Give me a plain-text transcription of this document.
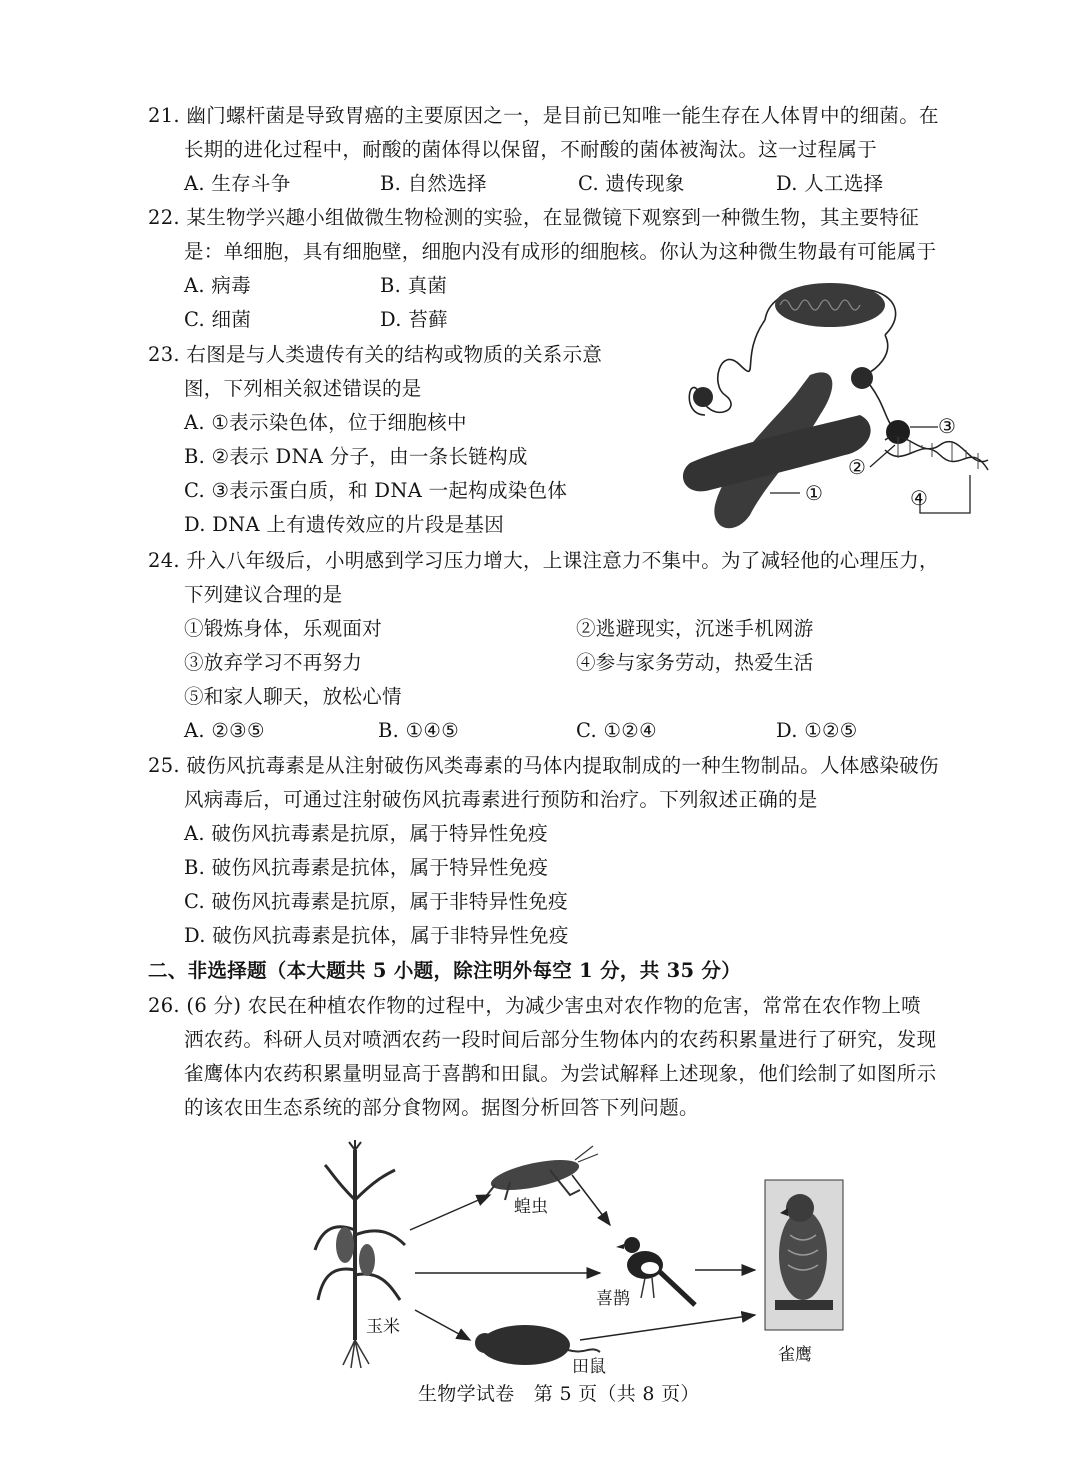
21. 幽门螺杆菌是导致胃癌的主要原因之一，是目前已知唯一能生存在人体胃中的细菌。在
长期的进化过程中，耐酸的菌体得以保留，不耐酸的菌体被淘汰。这一过程属于
A. 生存斗争	B. 自然选择	C. 遗传现象	D. 人工选择
22. 某生物学兴趣小组做微生物检测的实验，在显微镜下观察到一种微生物，其主要特征
是：单细胞，具有细胞壁，细胞内没有成形的细胞核。你认为这种微生物最有可能属于
A. 病毒	B. 真菌
C. 细菌	D. 苔藓
23. 右图是与人类遗传有关的结构或物质的关系示意
图，下列相关叙述错误的是
A. ①表示染色体，位于细胞核中
B. ②表示 DNA 分子，由一条长链构成
C. ③表示蛋白质，和 DNA 一起构成染色体
D. DNA 上有遗传效应的片段是基因
③
②
①	④
24. 升入八年级后，小明感到学习压力增大，上课注意力不集中。为了减轻他的心理压力，
下列建议合理的是
①锻炼身体，乐观面对	②逃避现实，沉迷手机网游
③放弃学习不再努力	④参与家务劳动，热爱生活
⑤和家人聊天，放松心情
A. ②③⑤	B. ①④⑤	C. ①②④	D. ①②⑤
25. 破伤风抗毒素是从注射破伤风类毒素的马体内提取制成的一种生物制品。人体感染破伤
风病毒后，可通过注射破伤风抗毒素进行预防和治疗。下列叙述正确的是
A. 破伤风抗毒素是抗原，属于特异性免疫
B. 破伤风抗毒素是抗体，属于特异性免疫
C. 破伤风抗毒素是抗原，属于非特异性免疫
D. 破伤风抗毒素是抗体，属于非特异性免疫
二、非选择题（本大题共 5 小题，除注明外每空 1 分，共 35 分）
26. (6 分) 农民在种植农作物的过程中，为减少害虫对农作物的危害，常常在农作物上喷
洒农药。科研人员对喷洒农药一段时间后部分生物体内的农药积累量进行了研究，发现
雀鹰体内农药积累量明显高于喜鹊和田鼠。为尝试解释上述现象，他们绘制了如图所示
的该农田生态系统的部分食物网。据图分析回答下列问题。
玉米
蝗虫
喜鹊
田鼠
雀鹰
生物学试卷　第 5 页（共 8 页）
